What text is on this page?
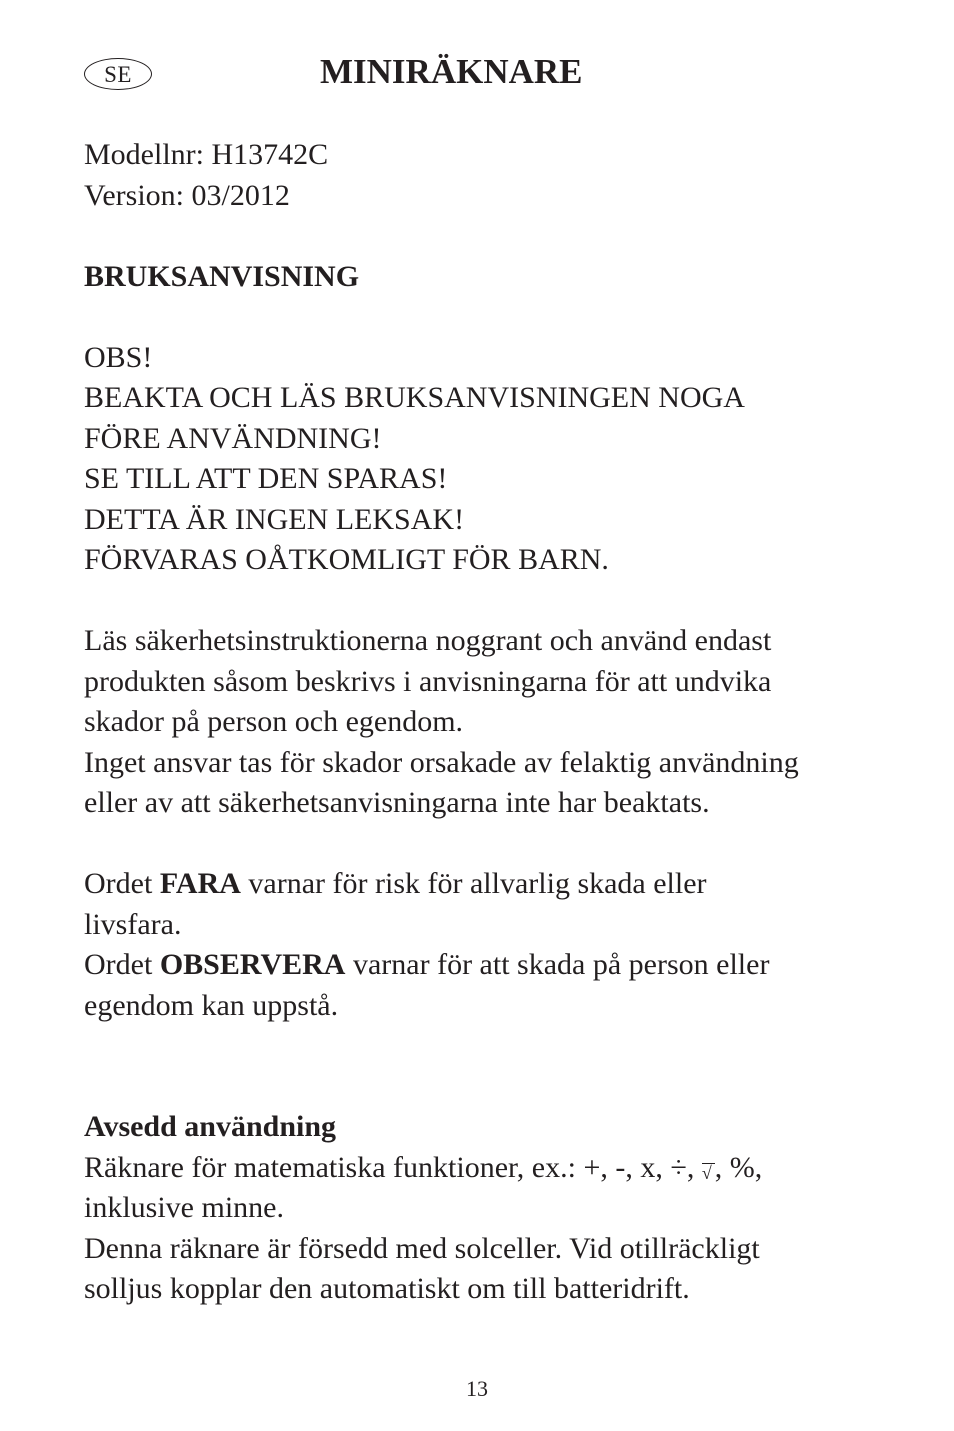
SE	MINIRÄKNARE

Modellnr: H13742C
Version: 03/2012

BRUKSANVISNING

OBS!
BEAKTA OCH LÄS BRUKSANVISNINGEN NOGA
FÖRE ANVÄNDNING!
SE TILL ATT DEN SPARAS!
DETTA ÄR INGEN LEKSAK!
FÖRVARAS OÅTKOMLIGT FÖR BARN.

Läs säkerhetsinstruktionerna noggrant och använd endast
produkten såsom beskrivs i anvisningarna för att undvika
skador på person och egendom.
Inget ansvar tas för skador orsakade av felaktig användning
eller av att säkerhetsanvisningarna inte har beaktats.

Ordet FARA varnar för risk för allvarlig skada eller
livsfara.
Ordet OBSERVERA varnar för att skada på person eller
egendom kan uppstå.

Avsedd användning

Räknare för matematiska funktioner, ex.: +, -, x, ÷, √ , %,
inklusive minne.
Denna räknare är försedd med solceller. Vid otillräckligt
solljus kopplar den automatiskt om till batteridrift.

13
